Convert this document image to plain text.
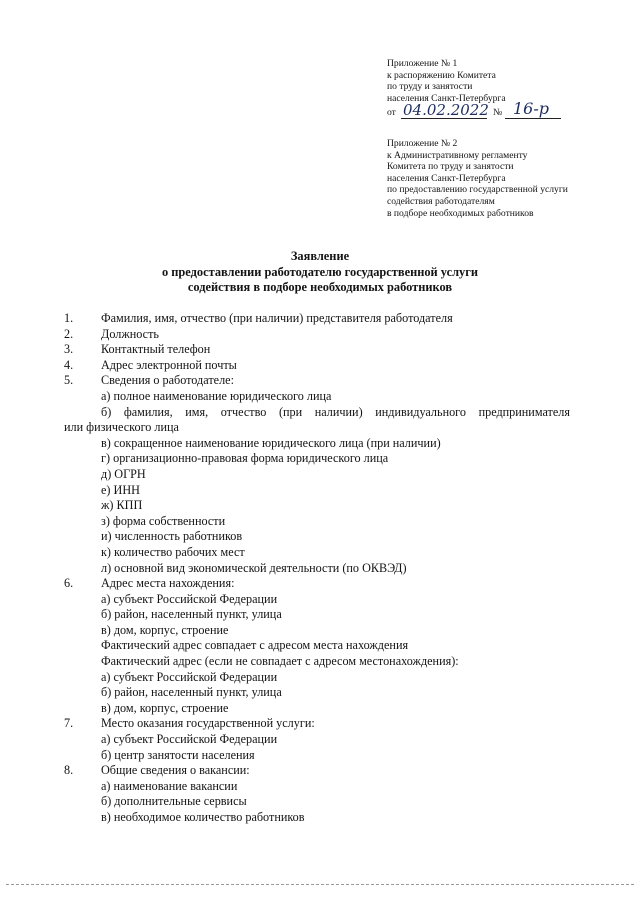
Приложение № 1
к распоряжению Комитета
по труду и занятости
населения Санкт-Петербурга
от 04.02.2022 № 16-р
Приложение № 2
к Административному регламенту
Комитета по труду и занятости
населения Санкт-Петербурга
по предоставлению государственной услуги
содействия работодателям
в подборе необходимых работников
Заявление
о предоставлении работодателю государственной услуги
содействия в подборе необходимых работников
1. Фамилия, имя, отчество (при наличии) представителя работодателя
2. Должность
3. Контактный телефон
4. Адрес электронной почты
5. Сведения о работодателе:
а) полное наименование юридического лица
б) фамилия, имя, отчество (при наличии) индивидуального предпринимателя
или физического лица
в) сокращенное наименование юридического лица (при наличии)
г) организационно-правовая форма юридического лица
д) ОГРН
е) ИНН
ж) КПП
з) форма собственности
и) численность работников
к) количество рабочих мест
л) основной вид экономической деятельности (по ОКВЭД)
6. Адрес места нахождения:
а) субъект Российской Федерации
б) район, населенный пункт, улица
в) дом, корпус, строение
Фактический адрес совпадает с адресом места нахождения
Фактический адрес (если не совпадает с адресом местонахождения):
а) субъект Российской Федерации
б) район, населенный пункт, улица
в) дом, корпус, строение
7. Место оказания государственной услуги:
а) субъект Российской Федерации
б) центр занятости населения
8. Общие сведения о вакансии:
а) наименование вакансии
б) дополнительные сервисы
в) необходимое количество работников
